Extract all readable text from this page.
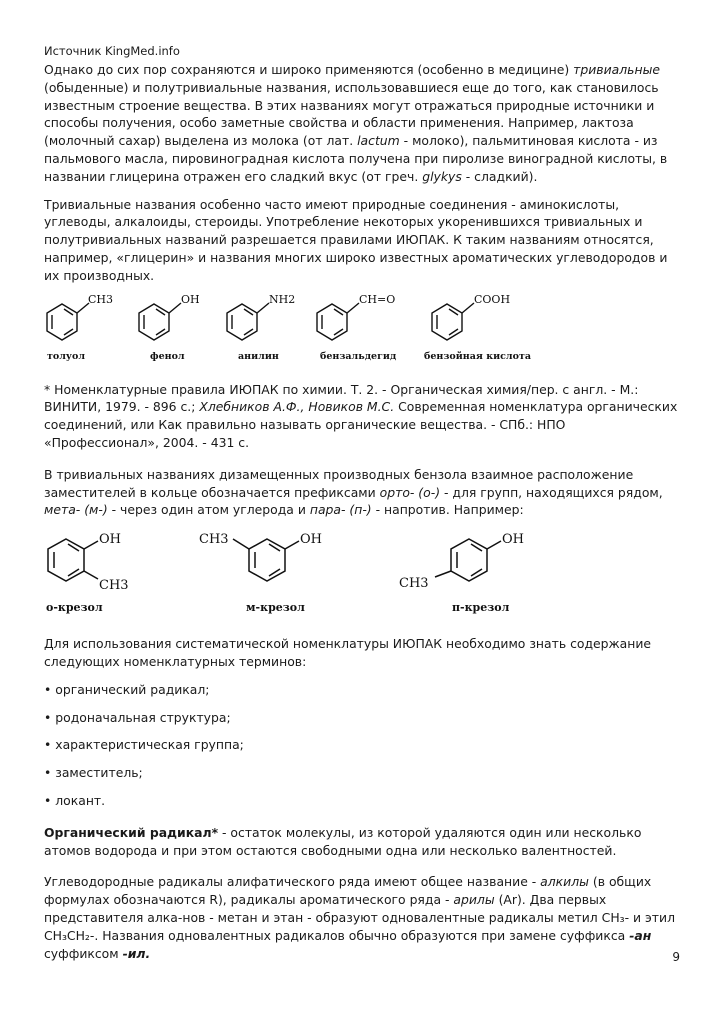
Источник KingMed.info

Однако до сих пор сохраняются и широко применяются (особенно в медицине) тривиальные (обыденные) и полутривиальные названия, использовавшиеся еще до того, как становилось известным строение вещества. В этих названиях могут отражаться природные источники и способы получения, особо заметные свойства и области применения. Например, лактоза (молочный сахар) выделена из молока (от лат. lactum - молоко), пальмитиновая кислота - из пальмового масла, пировиноградная кислота получена при пиролизе виноградной кислоты, в названии глицерина отражен его сладкий вкус (от греч. glykys - сладкий).

Тривиальные названия особенно часто имеют природные соединения - аминокислоты, углеводы, алкалоиды, стероиды. Употребление некоторых укоренившихся тривиальных и полутривиальных названий разрешается правилами ИЮПАК. К таким названиям относятся, например, «глицерин» и названия многих широко известных ароматических углеводородов и их производных.

CH3
толуол
OH
фенол
NH2
анилин
CH=O
бензальдегид
COOH
бензойная кислота

* Номенклатурные правила ИЮПАК по химии. Т. 2. - Органическая химия/пер. с англ. - М.: ВИНИТИ, 1979. - 896 с.; Хлебников А.Ф., Новиков М.С. Современная номенклатура органических соединений, или Как правильно называть органические вещества. - СПб.: НПО «Профессионал», 2004. - 431 с.

В тривиальных названиях дизамещенных производных бензола взаимное расположение заместителей в кольце обозначается префиксами орто- (о-) - для групп, находящихся рядом, мета- (м-) - через один атом углерода и пара- (п-) - напротив. Например:

OH
CH3
о-крезол
CH3	OH
м-крезол
CH3
OH
п-крезол

Для использования систематической номенклатуры ИЮПАК необходимо знать содержание следующих номенклатурных терминов:

• органический радикал;

• родоначальная структура;

• характеристическая группа;

• заместитель;

• локант.

Органический радикал* - остаток молекулы, из которой удаляются один или несколько атомов водорода и при этом остаются свободными одна или несколько валентностей.

Углеводородные радикалы алифатического ряда имеют общее название - алкилы (в общих формулах обозначаются R), радикалы ароматического ряда - арилы (Ar). Два первых представителя алка-нов - метан и этан - образуют одновалентные радикалы метил CH₃- и этил CH₃CH₂-. Названия одновалентных радикалов обычно образуются при замене суффикса -ан суффиксом -ил.	9
